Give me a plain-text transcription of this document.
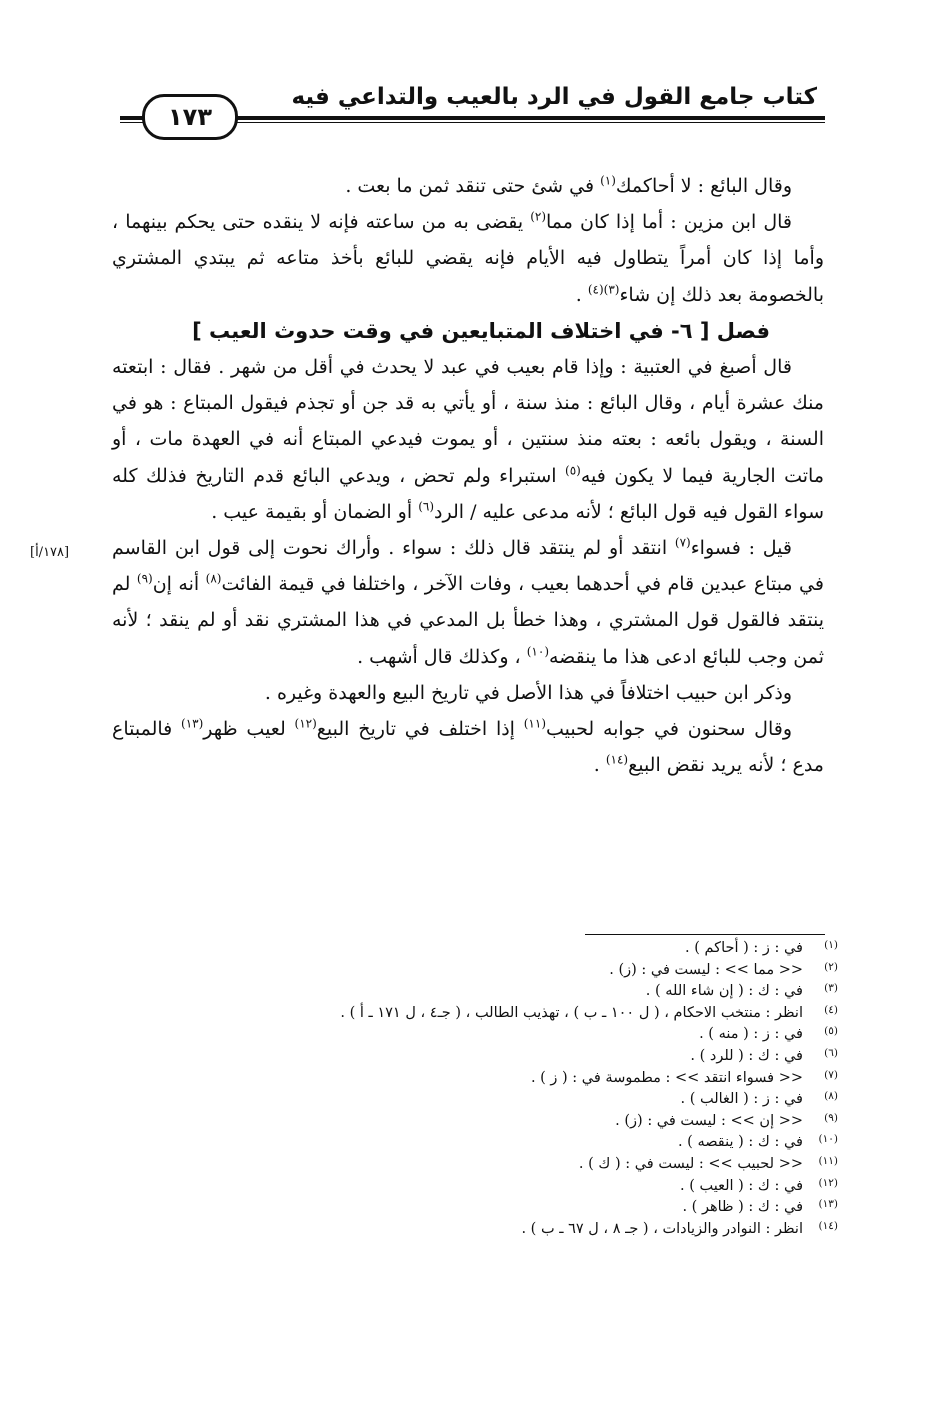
كتاب جامع القول في الرد بالعيب والتداعي فيه
١٧٣

وقال البائع : لا أحاكمك$^{(١)}$ في شئ حتى تنقد ثمن ما بعت .

قال ابن مزين : أما إذا كان مما$^{(٢)}$ يقضى به من ساعته فإنه لا ينقده حتى يحكم بينهما ، وأما إذا كان أمراً يتطاول فيه الأيام فإنه يقضي للبائع بأخذ متاعه ثم يبتدي المشتري بالخصومة بعد ذلك إن شاء$^{(٣)(٤)}$ .

فصل [ ٦- في اختلاف المتبايعين في وقت حدوث العيب ]

قال أصبغ في العتبية : وإذا قام بعيب في عبد لا يحدث في أقل من شهر . فقال : ابتعته منك عشرة أيام ، وقال البائع : منذ سنة ، أو يأتي به قد جن أو تجذم فيقول المبتاع : هو في السنة ، ويقول بائعه : بعته منذ سنتين ، أو يموت فيدعي المبتاع أنه في العهدة مات ، أو ماتت الجارية فيما لا يكون فيه$^{(٥)}$ استبراء ولم تحض ، ويدعي البائع قدم التاريخ فذلك كله سواء القول فيه قول البائع ؛ لأنه مدعى عليه / الرد$^{(٦)}$ أو الضمان أو بقيمة عيب .

قيل : فسواء$^{(٧)}$ انتقد أو لم ينتقد قال ذلك : سواء . وأراك نحوت إلى قول ابن القاسم في مبتاع عبدين قام في أحدهما بعيب ، وفات الآخر ، واختلفا في قيمة الفائت$^{(٨)}$ أنه إن$^{(٩)}$ لم ينتقد فالقول قول المشتري ، وهذا خطأ بل المدعي في هذا المشتري نقد أو لم ينقد ؛ لأنه ثمن وجب للبائع ادعى هذا ما ينقضه$^{(١٠)}$ ، وكذلك قال أشهب .

وذكر ابن حبيب اختلافاً في هذا الأصل في تاريخ البيع والعهدة وغيره .

وقال سحنون في جوابه لحبيب$^{(١١)}$ إذا اختلف في تاريخ البيع$^{(١٢)}$ لعيب ظهر$^{(١٣)}$ فالمبتاع مدع ؛ لأنه يريد نقض البيع$^{(١٤)}$ .

[١٧٨/أ]
(١)
في : ز : ( أحاكم ) .
(٢)
<< مما >> : ليست في : (ز) .
(٣)
في : ك : ( إن شاء الله ) .
(٤)
انظر : منتخب الاحكام ، ( ل ١٠٠ ـ ب ) ، تهذيب الطالب ، ( جـ٤ ، ل ١٧١ ـ أ ) .
(٥)
في : ز : ( منه ) .
(٦)
في : ك : ( للرد ) .
(٧)
<< فسواء انتقد >> : مطموسة في : ( ز ) .
(٨)
في : ز : ( الغالب ) .
(٩)
<< إن >> : ليست في : (ز) .
(١٠)
في : ك : ( ينقصه ) .
(١١)
<< لحبيب >> : ليست في : ( ك ) .
(١٢)
في : ك : ( العيب ) .
(١٣)
في : ك : ( ظاهر ) .
(١٤)
انظر : النوادر والزيادات ، ( جـ ٨ ، ل ٦٧ ـ ب ) .
